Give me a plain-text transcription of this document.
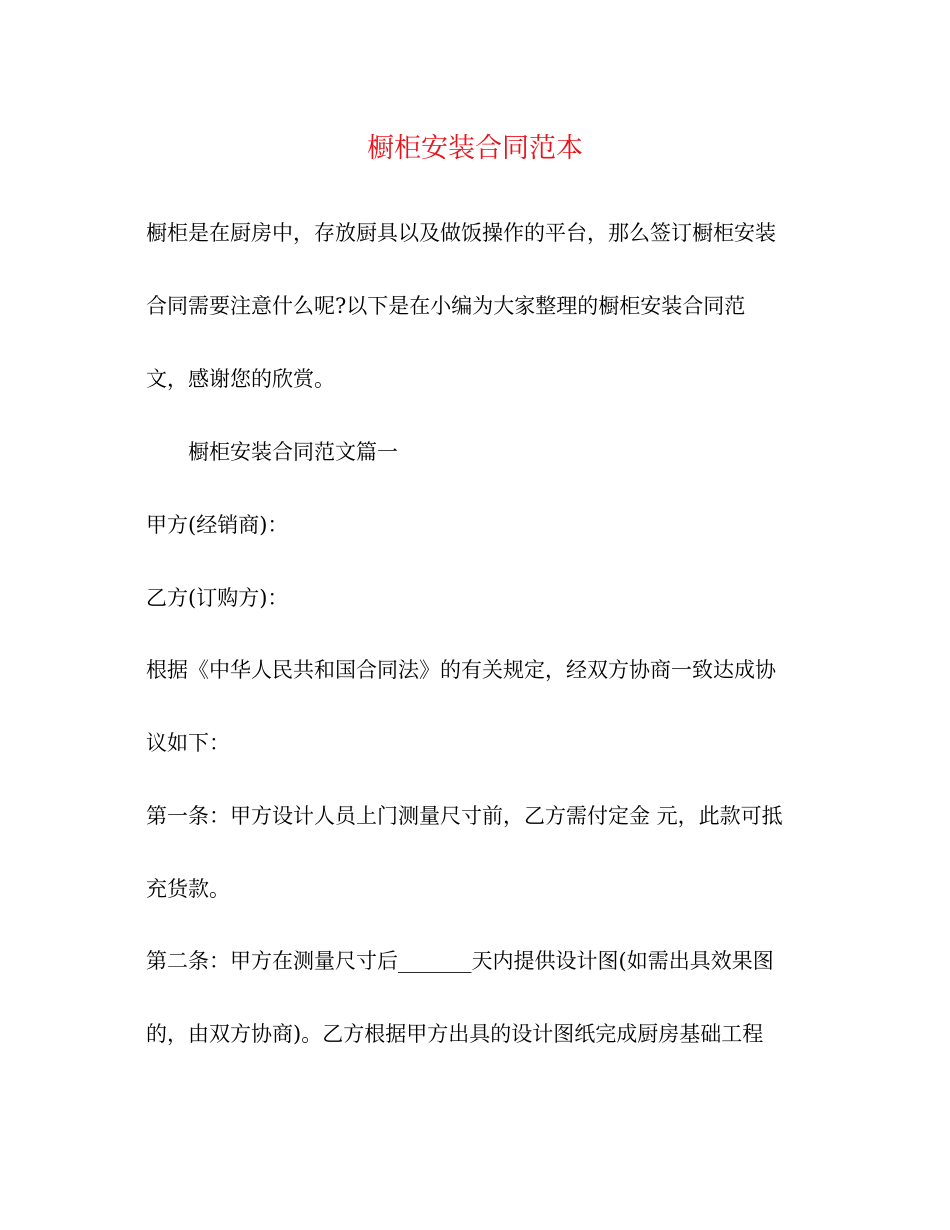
橱柜安装合同范本

橱柜是在厨房中，存放厨具以及做饭操作的平台，那么签订橱柜安装

合同需要注意什么呢?以下是在小编为大家整理的橱柜安装合同范

文，感谢您的欣赏。

橱柜安装合同范文篇一

甲方(经销商)：

乙方(订购方)：

根据《中华人民共和国合同法》的有关规定，经双方协商一致达成协

议如下：

第一条：甲方设计人员上门测量尺寸前，乙方需付定金 元，此款可抵

充货款。

第二条：甲方在测量尺寸后_______天内提供设计图(如需出具效果图

的，由双方协商)。乙方根据甲方出具的设计图纸完成厨房基础工程
